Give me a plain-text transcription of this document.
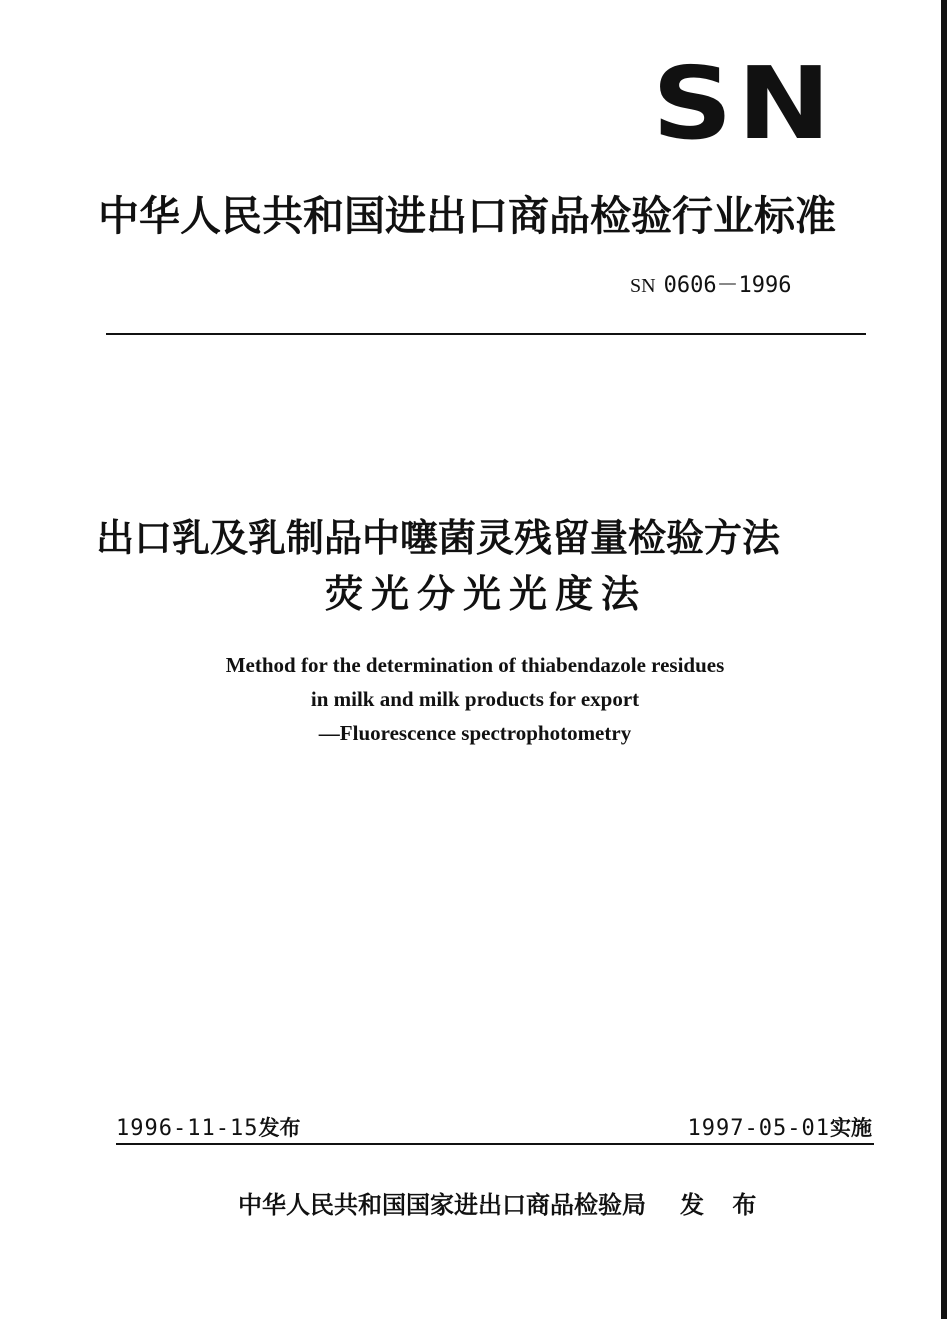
SN
中华人民共和国进出口商品检验行业标准
SN 0606－1996
出口乳及乳制品中噻菌灵残留量检验方法
荧光分光光度法
Method for the determination of thiabendazole residues
in milk and milk products for export
—Fluorescence spectrophotometry
1996-11-15发布	1997-05-01实施
中华人民共和国国家进出口商品检验局 发 布
